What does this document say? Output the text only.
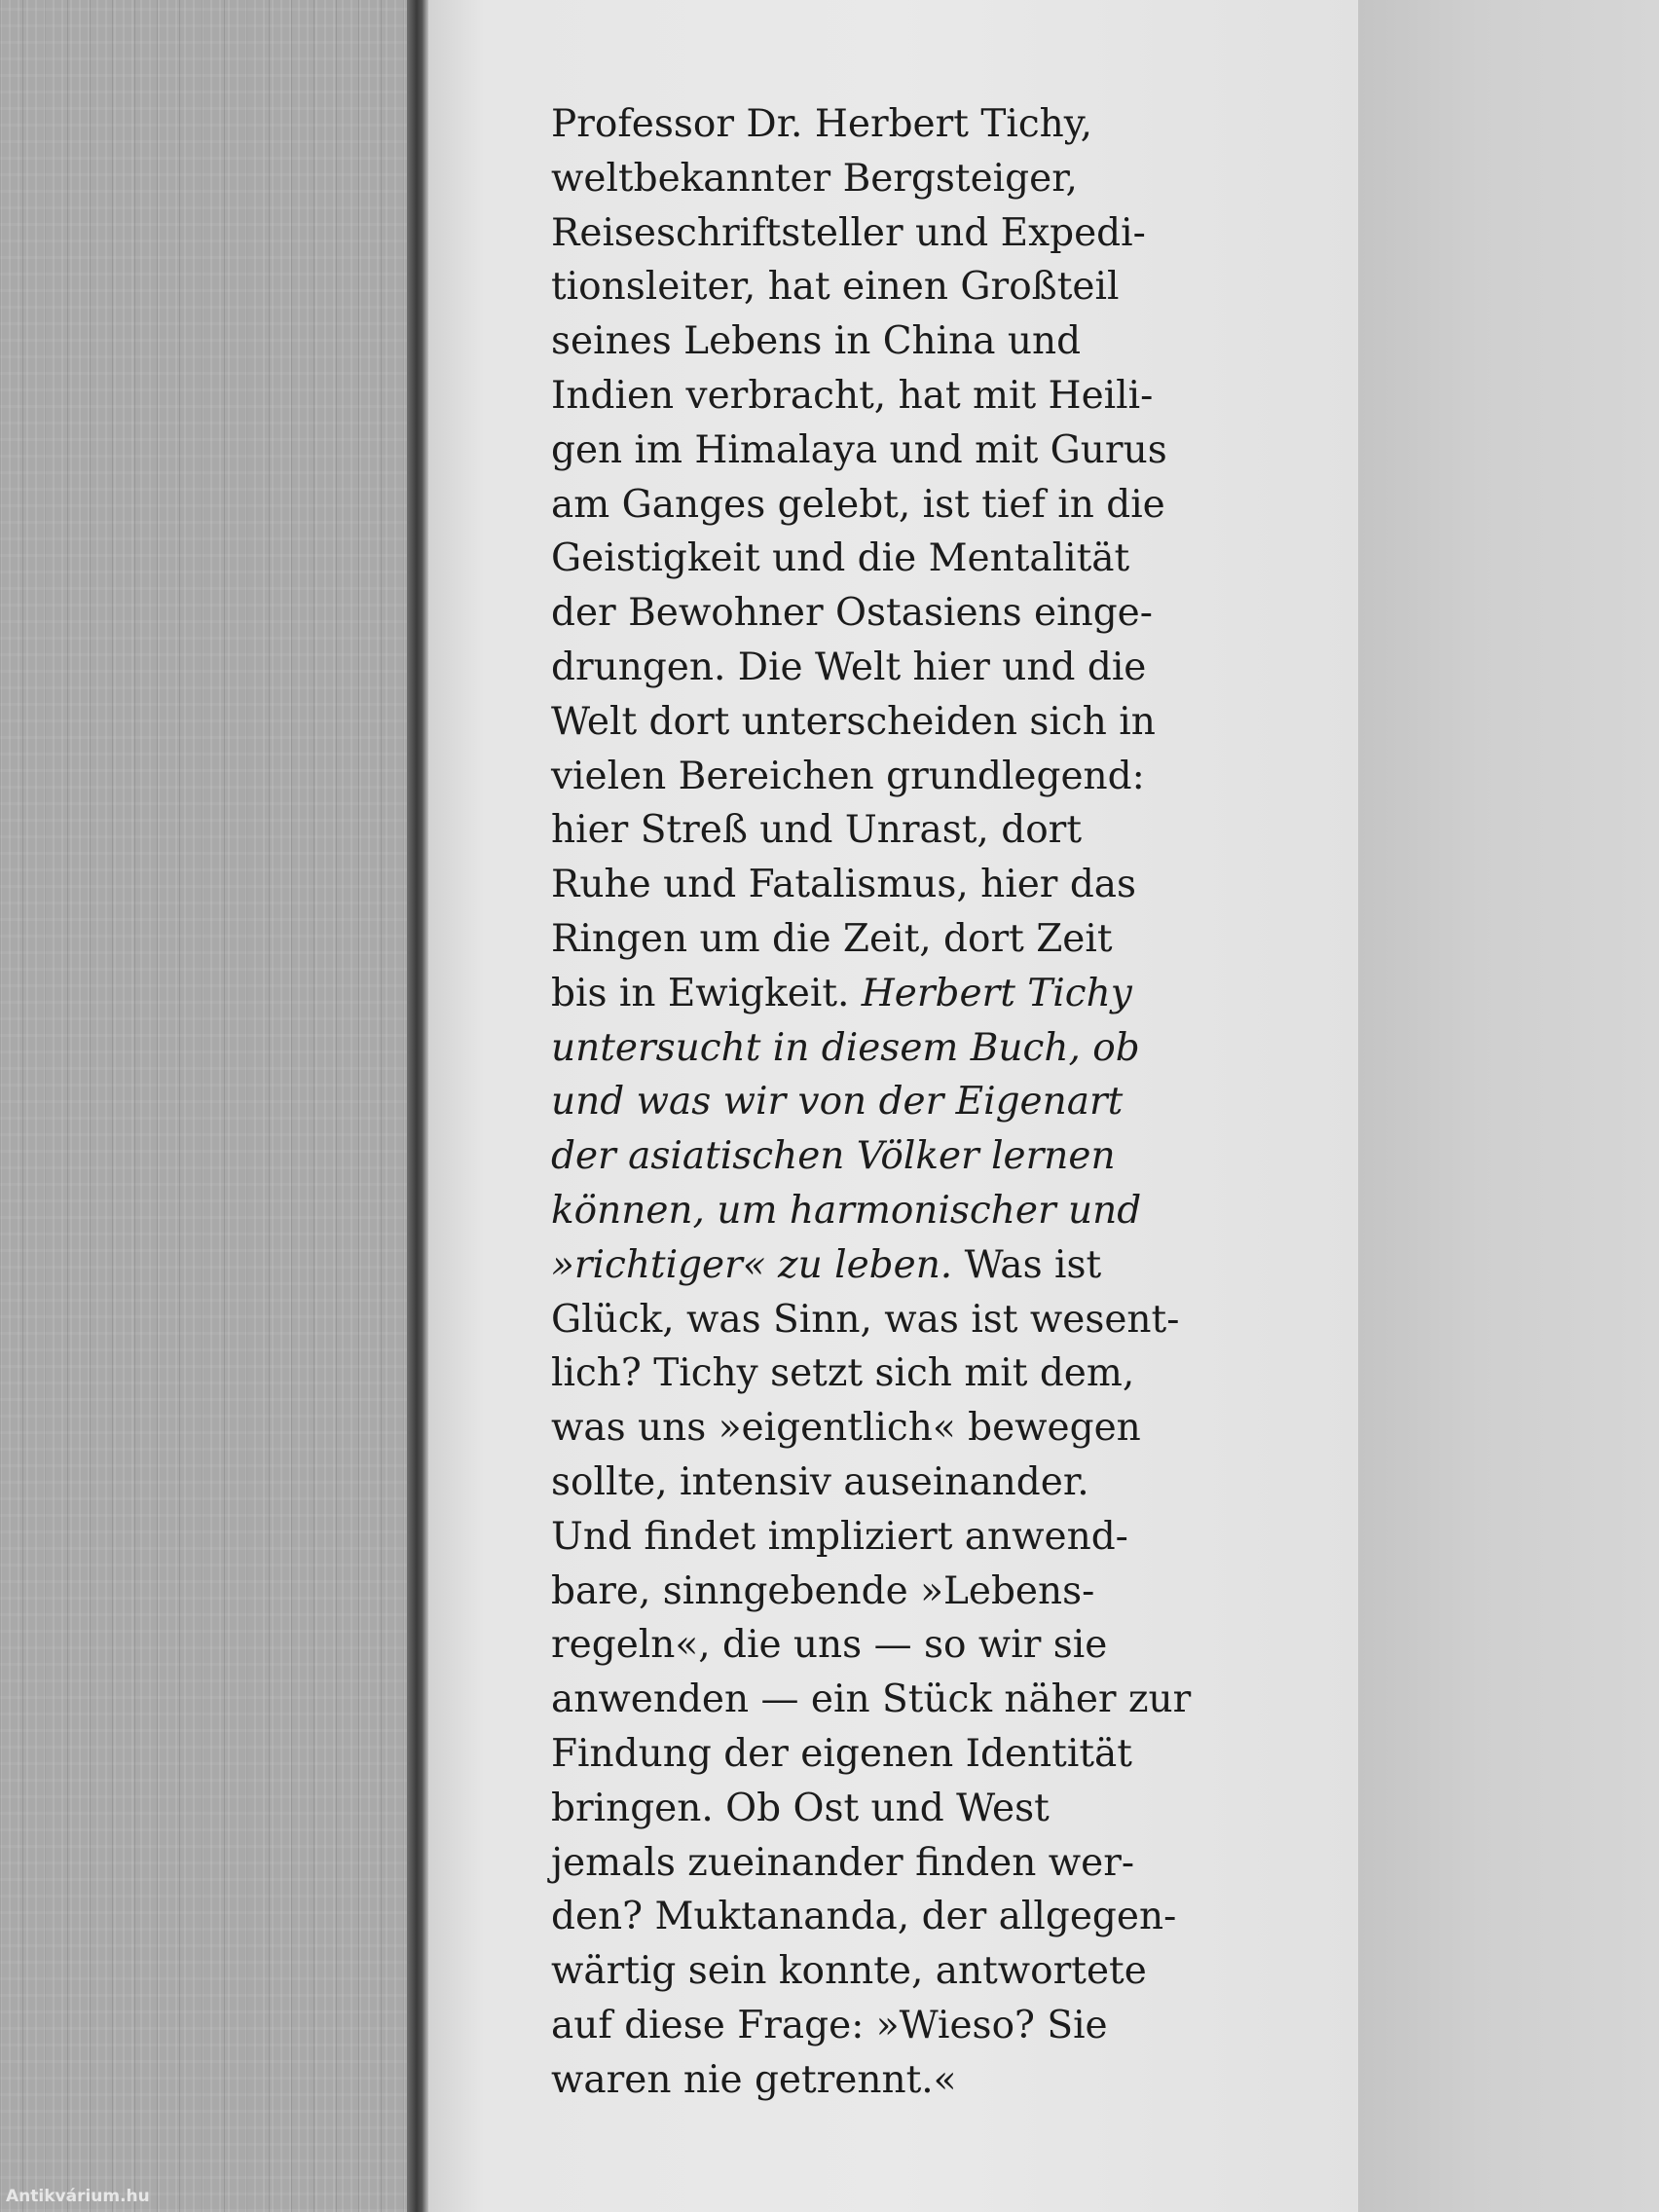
Professor Dr. Herbert Tichy,
weltbekannter Bergsteiger,
Reiseschriftsteller und Expedi-
tionsleiter, hat einen Großteil
seines Lebens in China und
Indien verbracht, hat mit Heili-
gen im Himalaya und mit Gurus
am Ganges gelebt, ist tief in die
Geistigkeit und die Mentalität
der Bewohner Ostasiens einge-
drungen. Die Welt hier und die
Welt dort unterscheiden sich in
vielen Bereichen grundlegend:
hier Streß und Unrast, dort
Ruhe und Fatalismus, hier das
Ringen um die Zeit, dort Zeit
bis in Ewigkeit. Herbert Tichy
untersucht in diesem Buch, ob
und was wir von der Eigenart
der asiatischen Völker lernen
können, um harmonischer und
»richtiger« zu leben. Was ist
Glück, was Sinn, was ist wesent-
lich? Tichy setzt sich mit dem,
was uns »eigentlich« bewegen
sollte, intensiv auseinander.
Und findet impliziert anwend-
bare, sinngebende »Lebens-
regeln«, die uns — so wir sie
anwenden — ein Stück näher zur
Findung der eigenen Identität
bringen. Ob Ost und West
jemals zueinander finden wer-
den? Muktananda, der allgegen-
wärtig sein konnte, antwortete
auf diese Frage: »Wieso? Sie
waren nie getrennt.«
Antikvárium.hu
